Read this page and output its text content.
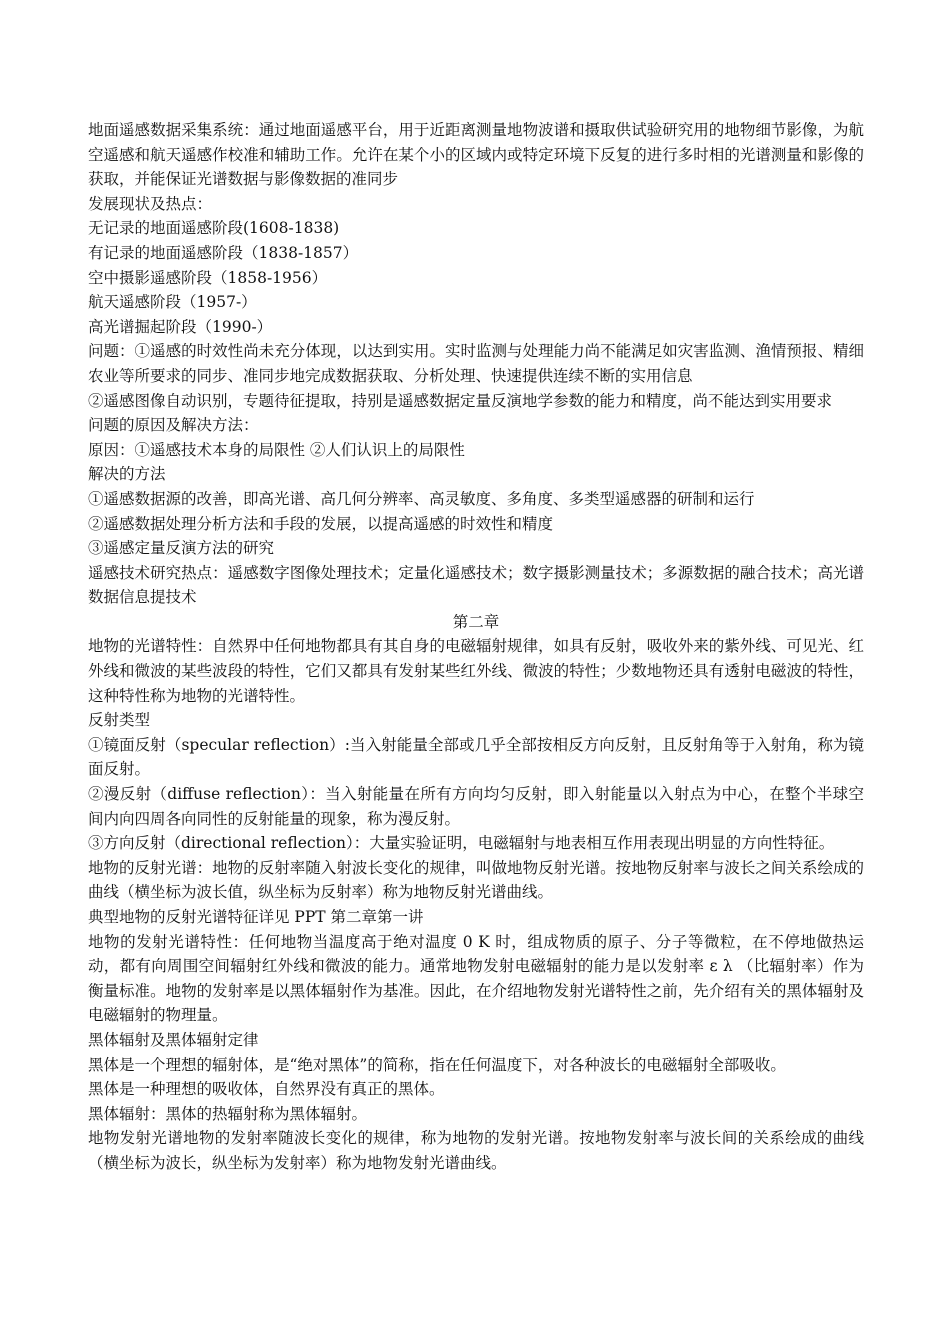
地面遥感数据采集系统：通过地面遥感平台，用于近距离测量地物波谱和摄取供试验研究用的地物细节影像，为航空遥感和航天遥感作校准和辅助工作。允许在某个小的区域内或特定环境下反复的进行多时相的光谱测量和影像的获取，并能保证光谱数据与影像数据的准同步

发展现状及热点：

无记录的地面遥感阶段(1608-1838)

有记录的地面遥感阶段（1838-1857）

空中摄影遥感阶段（1858-1956）

航天遥感阶段（1957-）

高光谱掘起阶段（1990-）

问题：①遥感的时效性尚未充分体现，以达到实用。实时监测与处理能力尚不能满足如灾害监测、渔情预报、精细农业等所要求的同步、准同步地完成数据获取、分析处理、快速提供连续不断的实用信息

②遥感图像自动识别，专题待征提取，持别是遥感数据定量反演地学参数的能力和精度，尚不能达到实用要求

问题的原因及解决方法：

原因：①遥感技术本身的局限性 ②人们认识上的局限性

解决的方法

①遥感数据源的改善，即高光谱、高几何分辨率、高灵敏度、多角度、多类型遥感器的研制和运行

②遥感数据处理分析方法和手段的发展，以提高遥感的时效性和精度

③遥感定量反演方法的研究

遥感技术研究热点：遥感数字图像处理技术；定量化遥感技术；数字摄影测量技术；多源数据的融合技术；高光谱数据信息提技术

第二章

地物的光谱特性：自然界中任何地物都具有其自身的电磁辐射规律，如具有反射，吸收外来的紫外线、可见光、红外线和微波的某些波段的特性，它们又都具有发射某些红外线、微波的特性；少数地物还具有透射电磁波的特性，这种特性称为地物的光谱特性。

反射类型

①镜面反射（specular reflection）:当入射能量全部或几乎全部按相反方向反射，且反射角等于入射角，称为镜面反射。

②漫反射（diffuse reflection）：当入射能量在所有方向均匀反射，即入射能量以入射点为中心，在整个半球空间内向四周各向同性的反射能量的现象，称为漫反射。

③方向反射（directional reflection）：大量实验证明，电磁辐射与地表相互作用表现出明显的方向性特征。

地物的反射光谱：地物的反射率随入射波长变化的规律，叫做地物反射光谱。按地物反射率与波长之间关系绘成的曲线（横坐标为波长值，纵坐标为反射率）称为地物反射光谱曲线。

典型地物的反射光谱特征详见 PPT 第二章第一讲

地物的发射光谱特性：任何地物当温度高于绝对温度 0 K 时，组成物质的原子、分子等微粒，在不停地做热运动，都有向周围空间辐射红外线和微波的能力。通常地物发射电磁辐射的能力是以发射率 ε λ （比辐射率）作为衡量标准。地物的发射率是以黑体辐射作为基准。因此，在介绍地物发射光谱特性之前，先介绍有关的黑体辐射及电磁辐射的物理量。

黑体辐射及黑体辐射定律

黑体是一个理想的辐射体，是“绝对黑体”的简称，指在任何温度下，对各种波长的电磁辐射全部吸收。

黑体是一种理想的吸收体，自然界没有真正的黑体。

黑体辐射：黑体的热辐射称为黑体辐射。

地物发射光谱地物的发射率随波长变化的规律，称为地物的发射光谱。按地物发射率与波长间的关系绘成的曲线（横坐标为波长，纵坐标为发射率）称为地物发射光谱曲线。
